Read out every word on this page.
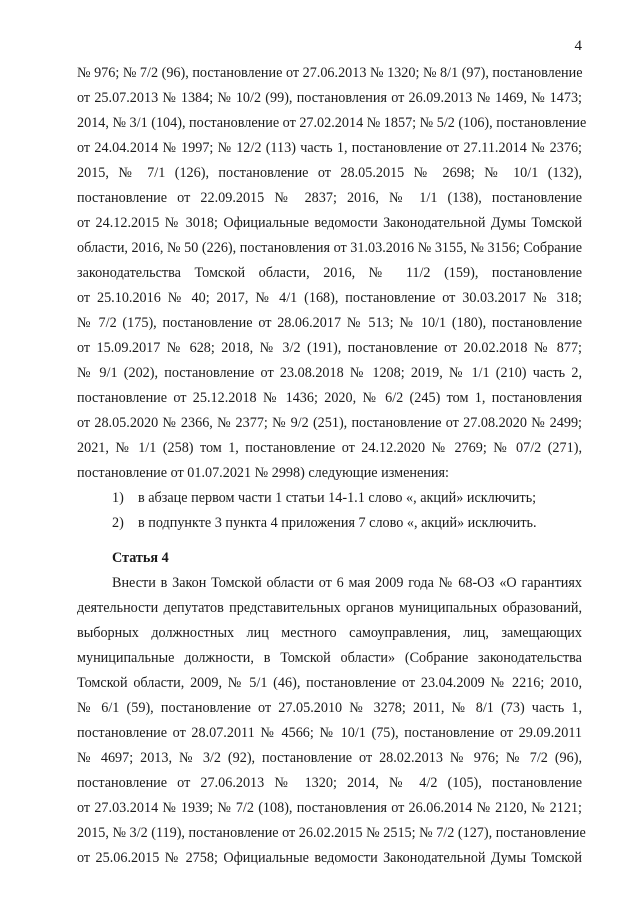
4
№ 976; № 7/2 (96), постановление от 27.06.2013 № 1320; № 8/1 (97), постановление
от 25.07.2013 № 1384; № 10/2 (99), постановления от 26.09.2013 № 1469, № 1473;
2014, № 3/1 (104), постановление от 27.02.2014 № 1857; № 5/2 (106), постановление
от 24.04.2014 № 1997; № 12/2 (113) часть 1, постановление от 27.11.2014 № 2376;
2015, № 7/1 (126), постановление от 28.05.2015 № 2698; № 10/1 (132),
постановление от 22.09.2015 № 2837; 2016, № 1/1 (138), постановление
от 24.12.2015 № 3018; Официальные ведомости Законодательной Думы Томской
области, 2016, № 50 (226), постановления от 31.03.2016 № 3155, № 3156; Собрание
законодательства Томской области, 2016, № 11/2 (159), постановление
от 25.10.2016 № 40; 2017, № 4/1 (168), постановление от 30.03.2017 № 318;
№ 7/2 (175), постановление от 28.06.2017 № 513; № 10/1 (180), постановление
от 15.09.2017 № 628; 2018, № 3/2 (191), постановление от 20.02.2018 № 877;
№ 9/1 (202), постановление от 23.08.2018 № 1208; 2019, № 1/1 (210) часть 2,
постановление от 25.12.2018 № 1436; 2020, № 6/2 (245) том 1, постановления
от 28.05.2020 № 2366, № 2377; № 9/2 (251), постановление от 27.08.2020 № 2499;
2021, № 1/1 (258) том 1, постановление от 24.12.2020 № 2769; № 07/2 (271),
постановление от 01.07.2021 № 2998) следующие изменения:
1) в абзаце первом части 1 статьи 14-1.1 слово «, акций» исключить;
2) в подпункте 3 пункта 4 приложения 7 слово «, акций» исключить.
Статья 4
Внести в Закон Томской области от 6 мая 2009 года № 68-ОЗ «О гарантиях
деятельности депутатов представительных органов муниципальных образований,
выборных должностных лиц местного самоуправления, лиц, замещающих
муниципальные должности, в Томской области» (Собрание законодательства
Томской области, 2009, № 5/1 (46), постановление от 23.04.2009 № 2216; 2010,
№ 6/1 (59), постановление от 27.05.2010 № 3278; 2011, № 8/1 (73) часть 1,
постановление от 28.07.2011 № 4566; № 10/1 (75), постановление от 29.09.2011
№ 4697; 2013, № 3/2 (92), постановление от 28.02.2013 № 976; № 7/2 (96),
постановление от 27.06.2013 № 1320; 2014, № 4/2 (105), постановление
от 27.03.2014 № 1939; № 7/2 (108), постановления от 26.06.2014 № 2120, № 2121;
2015, № 3/2 (119), постановление от 26.02.2015 № 2515; № 7/2 (127), постановление
от 25.06.2015 № 2758; Официальные ведомости Законодательной Думы Томской
